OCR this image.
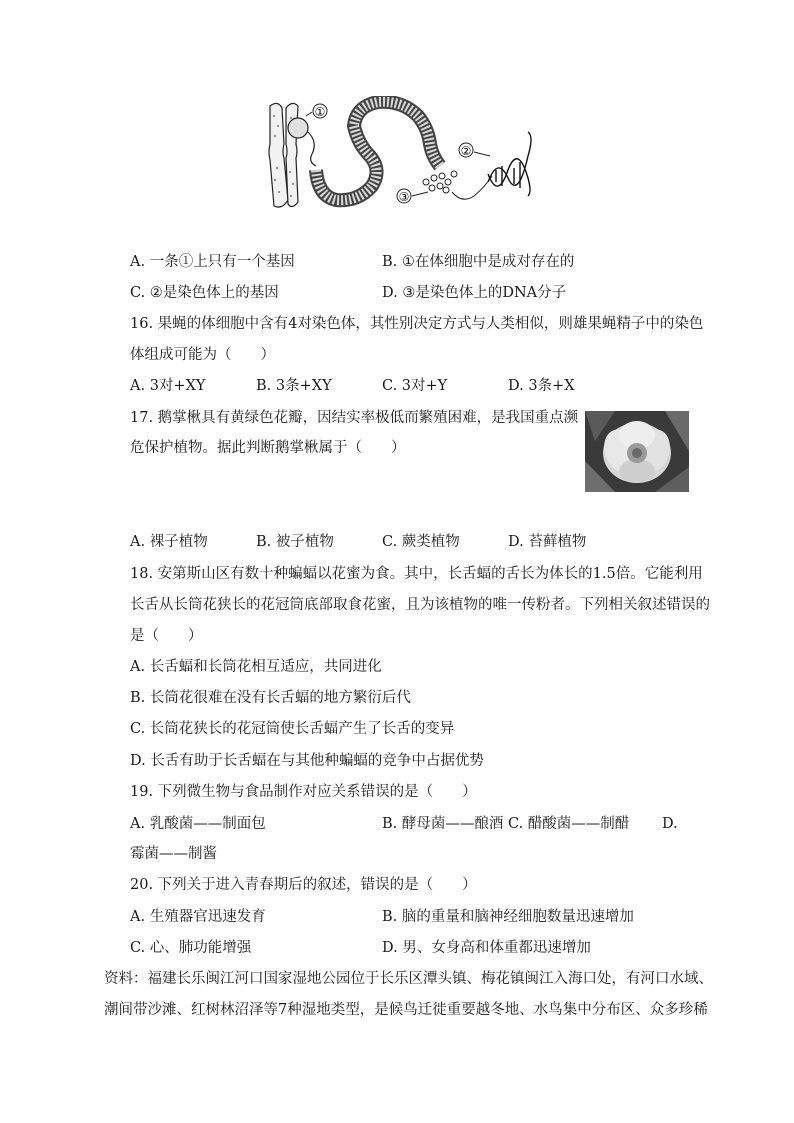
①
③
②
A. 一条①上只有一个基因	B. ①在体细胞中是成对存在的
C. ②是染色体上的基因	D. ③是染色体上的DNA分子
16. 果蝇的体细胞中含有4对染色体，其性别决定方式与人类相似，则雄果蝇精子中的染色
体组成可能为（　　）
A. 3对+XY	B. 3条+XY	C. 3对+Y	D. 3条+X
17. 鹅掌楸具有黄绿色花瓣，因结实率极低而繁殖困难，是我国重点濒
危保护植物。据此判断鹅掌楸属于（　　）
A. 裸子植物	B. 被子植物	C. 蕨类植物	D. 苔藓植物
18. 安第斯山区有数十种蝙蝠以花蜜为食。其中，长舌蝠的舌长为体长的1.5倍。它能利用
长舌从长筒花狭长的花冠筒底部取食花蜜，且为该植物的唯一传粉者。下列相关叙述错误的
是（　　）
A. 长舌蝠和长筒花相互适应，共同进化
B. 长筒花很难在没有长舌蝠的地方繁衍后代
C. 长筒花狭长的花冠筒使长舌蝠产生了长舌的变异
D. 长舌有助于长舌蝠在与其他种蝙蝠的竞争中占据优势
19. 下列微生物与食品制作对应关系错误的是（　　）
A. 乳酸菌——制面包	B. 酵母菌——酿酒 C. 醋酸菌——制醋 D.
霉菌——制酱
20. 下列关于进入青春期后的叙述，错误的是（　　）
A. 生殖器官迅速发育	B. 脑的重量和脑神经细胞数量迅速增加
C. 心、肺功能增强	D. 男、女身高和体重都迅速增加
资料：福建长乐闽江河口国家湿地公园位于长乐区潭头镇、梅花镇闽江入海口处，有河口水域、
潮间带沙滩、红树林沼泽等7种湿地类型，是候鸟迁徙重要越冬地、水鸟集中分布区、众多珍稀
